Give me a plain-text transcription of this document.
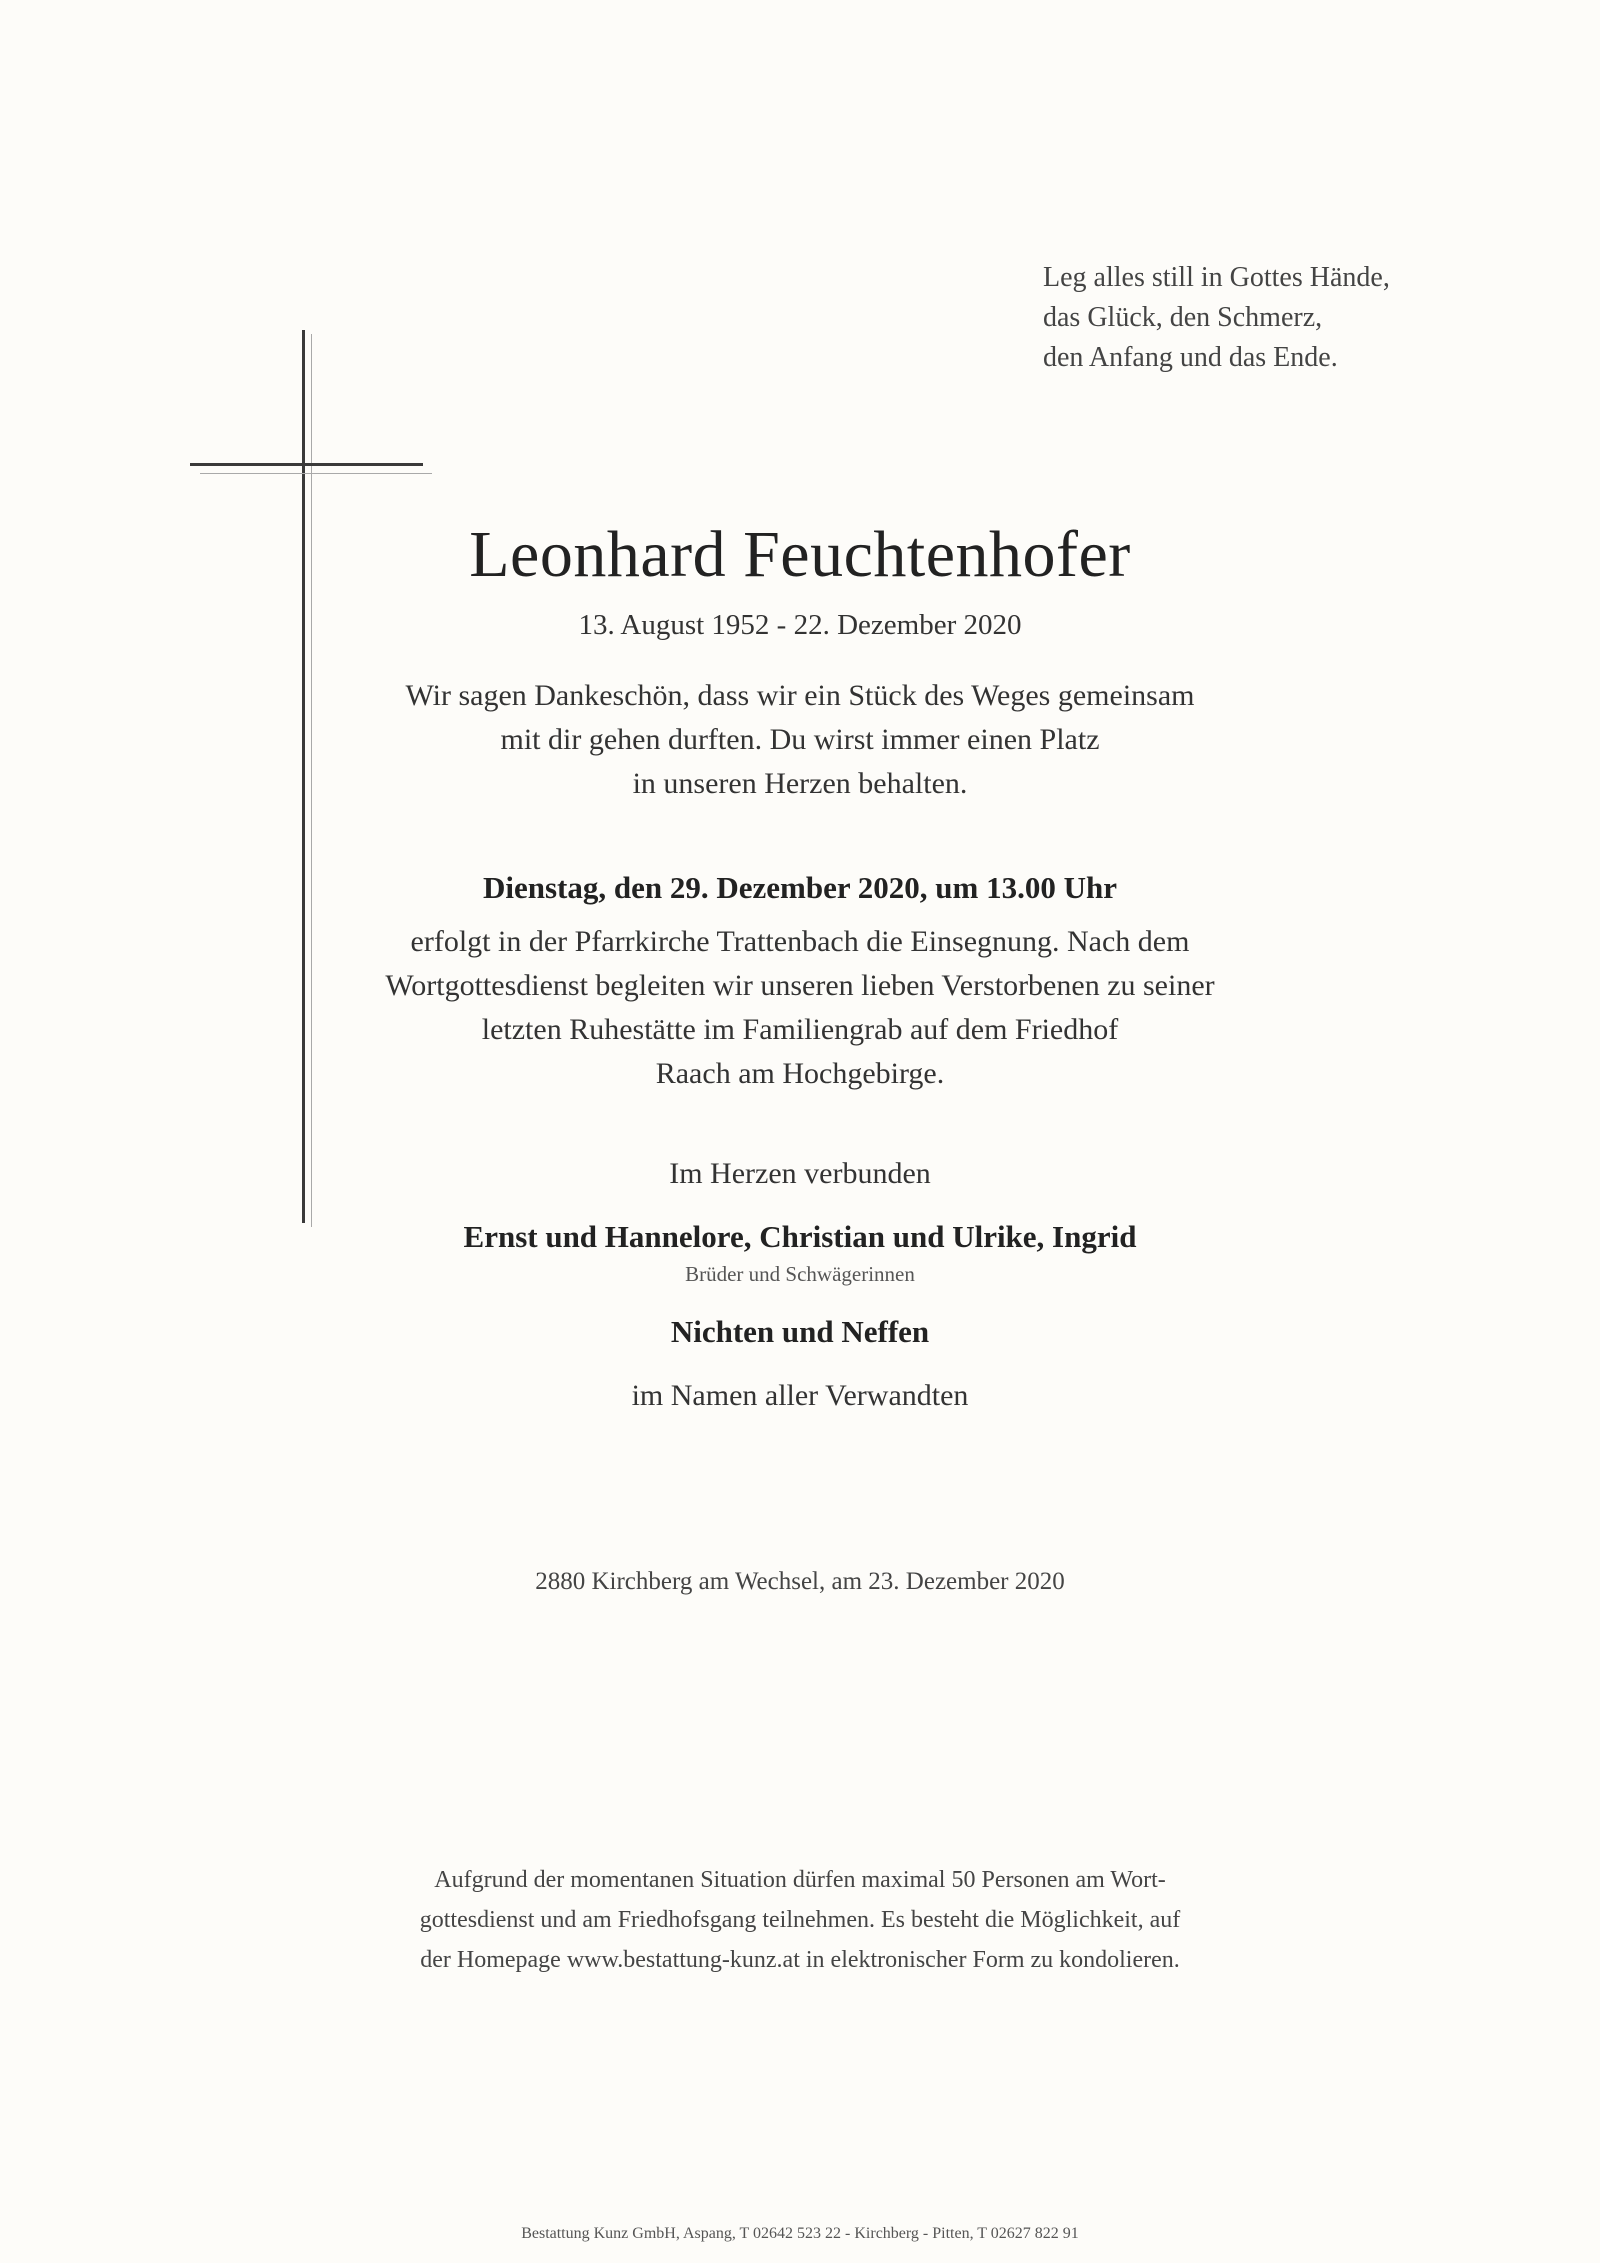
Leg alles still in Gottes Hände,
das Glück, den Schmerz,
den Anfang und das Ende.
Leonhard Feuchtenhofer
13. August 1952 - 22. Dezember 2020
Wir sagen Dankeschön, dass wir ein Stück des Weges gemeinsam
mit dir gehen durften. Du wirst immer einen Platz
in unseren Herzen behalten.
Dienstag, den 29. Dezember 2020, um 13.00 Uhr
erfolgt in der Pfarrkirche Trattenbach die Einsegnung. Nach dem
Wortgottesdienst begleiten wir unseren lieben Verstorbenen zu seiner
letzten Ruhestätte im Familiengrab auf dem Friedhof
Raach am Hochgebirge.
Im Herzen verbunden
Ernst und Hannelore, Christian und Ulrike, Ingrid
Brüder und Schwägerinnen
Nichten und Neffen
im Namen aller Verwandten
2880 Kirchberg am Wechsel, am 23. Dezember 2020
Aufgrund der momentanen Situation dürfen maximal 50 Personen am Wort-
gottesdienst und am Friedhofsgang teilnehmen. Es besteht die Möglichkeit, auf
der Homepage www.bestattung-kunz.at in elektronischer Form zu kondolieren.
Bestattung Kunz GmbH, Aspang, T 02642 523 22 - Kirchberg - Pitten, T 02627 822 91
